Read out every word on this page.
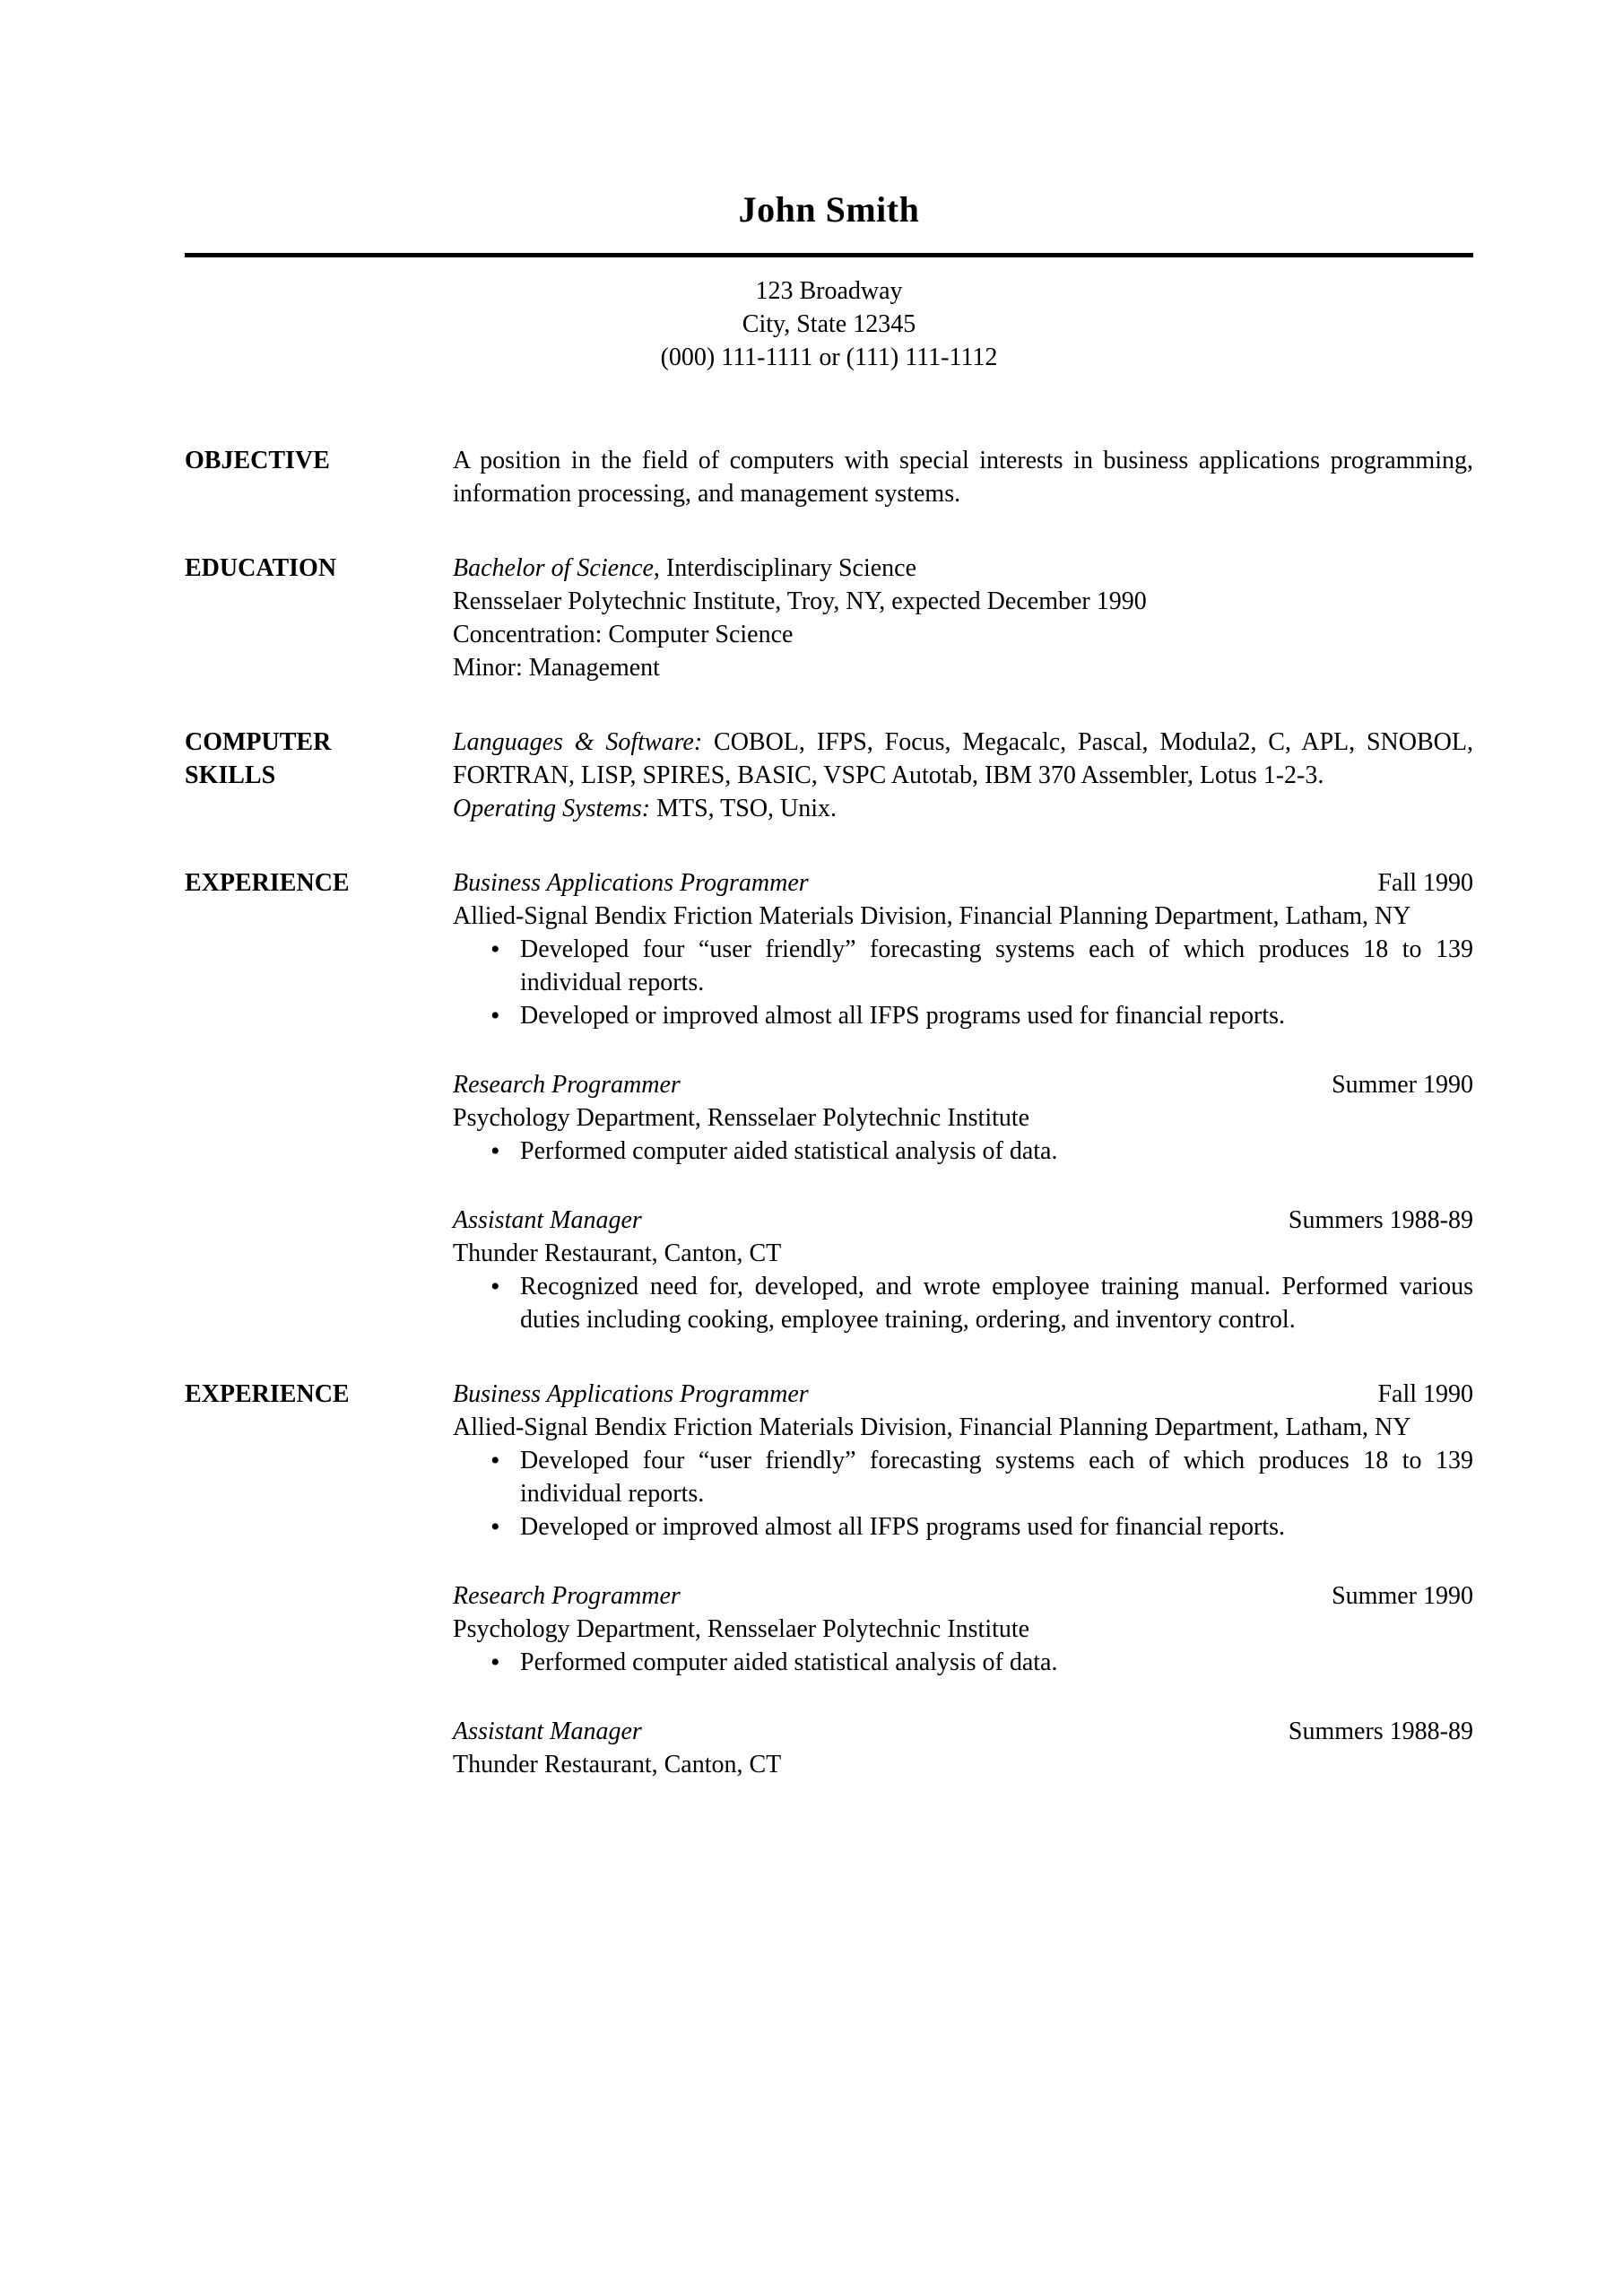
John Smith
123 Broadway
City, State 12345
(000) 111-1111 or (111) 111-1112
OBJECTIVE	A position in the field of computers with special interests in business applications programming, information processing, and management systems.

EDUCATION	Bachelor of Science, Interdisciplinary Science

Rensselaer Polytechnic Institute, Troy, NY, expected December 1990

Concentration: Computer Science

Minor: Management

COMPUTER SKILLS

Languages & Software: COBOL, IFPS, Focus, Megacalc, Pascal, Modula2, C, APL, SNOBOL, FORTRAN, LISP, SPIRES, BASIC, VSPC Autotab, IBM 370 Assembler, Lotus 1-2-3.

Operating Systems: MTS, TSO, Unix.

EXPERIENCE	Business Applications Programmer	Fall 1990

Allied-Signal Bendix Friction Materials Division, Financial Planning Department, Latham, NY

• Developed four “user friendly” forecasting systems each of which produces 18 to 139 individual reports.
• Developed or improved almost all IFPS programs used for financial reports.
Research Programmer	Summer 1990

Psychology Department, Rensselaer Polytechnic Institute

• Performed computer aided statistical analysis of data.
Assistant Manager	Summers 1988-89

Thunder Restaurant, Canton, CT

• Recognized need for, developed, and wrote employee training manual. Performed various duties including cooking, employee training, ordering, and inventory control.
EXPERIENCE	Business Applications Programmer	Fall 1990

Allied-Signal Bendix Friction Materials Division, Financial Planning Department, Latham, NY

• Developed four “user friendly” forecasting systems each of which produces 18 to 139 individual reports.
• Developed or improved almost all IFPS programs used for financial reports.
Research Programmer	Summer 1990

Psychology Department, Rensselaer Polytechnic Institute

• Performed computer aided statistical analysis of data.
Assistant Manager	Summers 1988-89

Thunder Restaurant, Canton, CT
